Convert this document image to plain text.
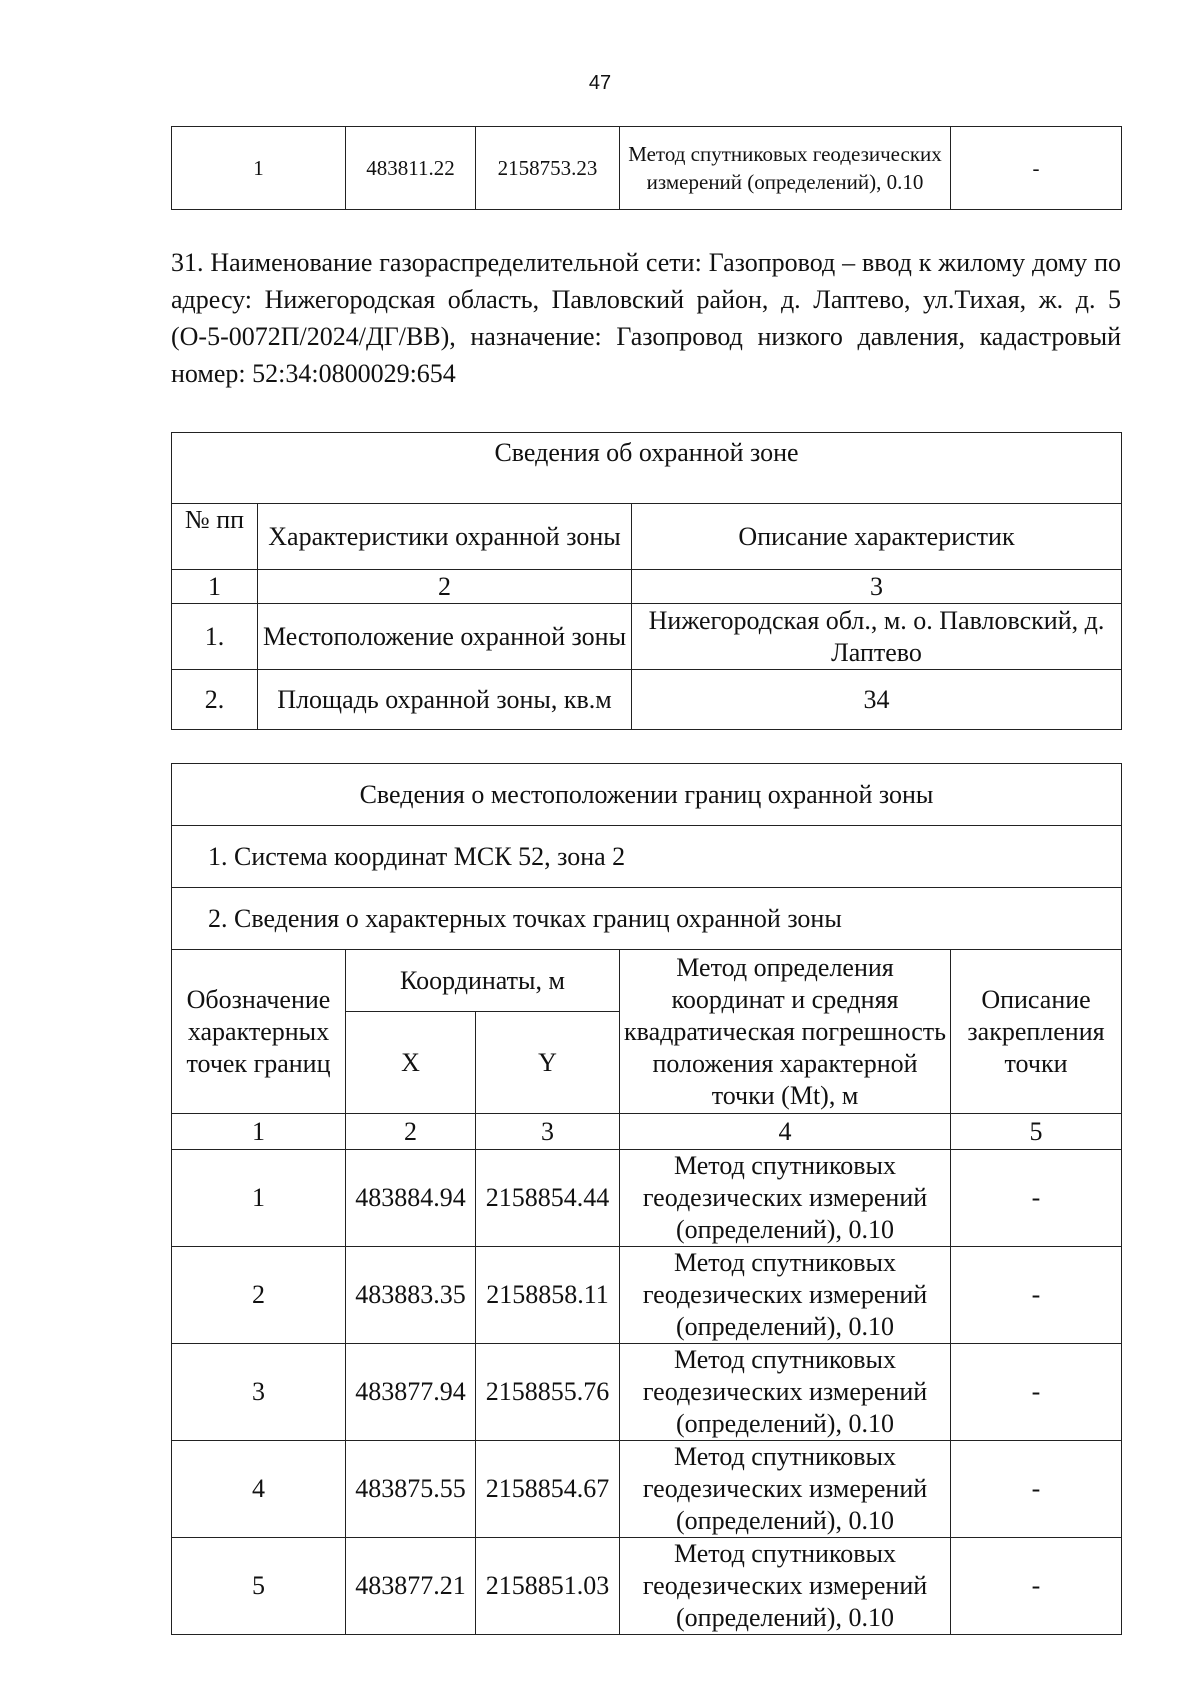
47
1	483811.22	2158753.23	Метод спутниковых геодезических измерений (определений), 0.10	-
31. Наименование газораспределительной сети: Газопровод – ввод к жилому дому по адресу: Нижегородская область, Павловский район, д. Лаптево, ул.Тихая, ж. д. 5 (О-5-0072П/2024/ДГ/ВВ), назначение: Газопровод низкого давления, кадастровый номер: 52:34:0800029:654
Сведения об охранной зоне		
№ пп	Характеристики охранной зоны	Описание характеристик
1	2	3
1.	Местоположение охранной зоны	Нижегородская обл., м. о. Павловский, д. Лаптево
2.	Площадь охранной зоны, кв.м	34
Сведения о местоположении границ охранной зоны				
1. Система координат МСК 52, зона 2				
2. Сведения о характерных точках границ охранной зоны				
Обозначение характерных точек границ	Координаты, м		Метод определения координат и средняя квадратическая погрешность положения характерной точки (Mt), м	Описание закрепления точки
	X	Y		
1	2	3	4	5
1	483884.94	2158854.44	Метод спутниковых геодезических измерений (определений), 0.10	-
2	483883.35	2158858.11	Метод спутниковых геодезических измерений (определений), 0.10	-
3	483877.94	2158855.76	Метод спутниковых геодезических измерений (определений), 0.10	-
4	483875.55	2158854.67	Метод спутниковых геодезических измерений (определений), 0.10	-
5	483877.21	2158851.03	Метод спутниковых геодезических измерений (определений), 0.10	-
